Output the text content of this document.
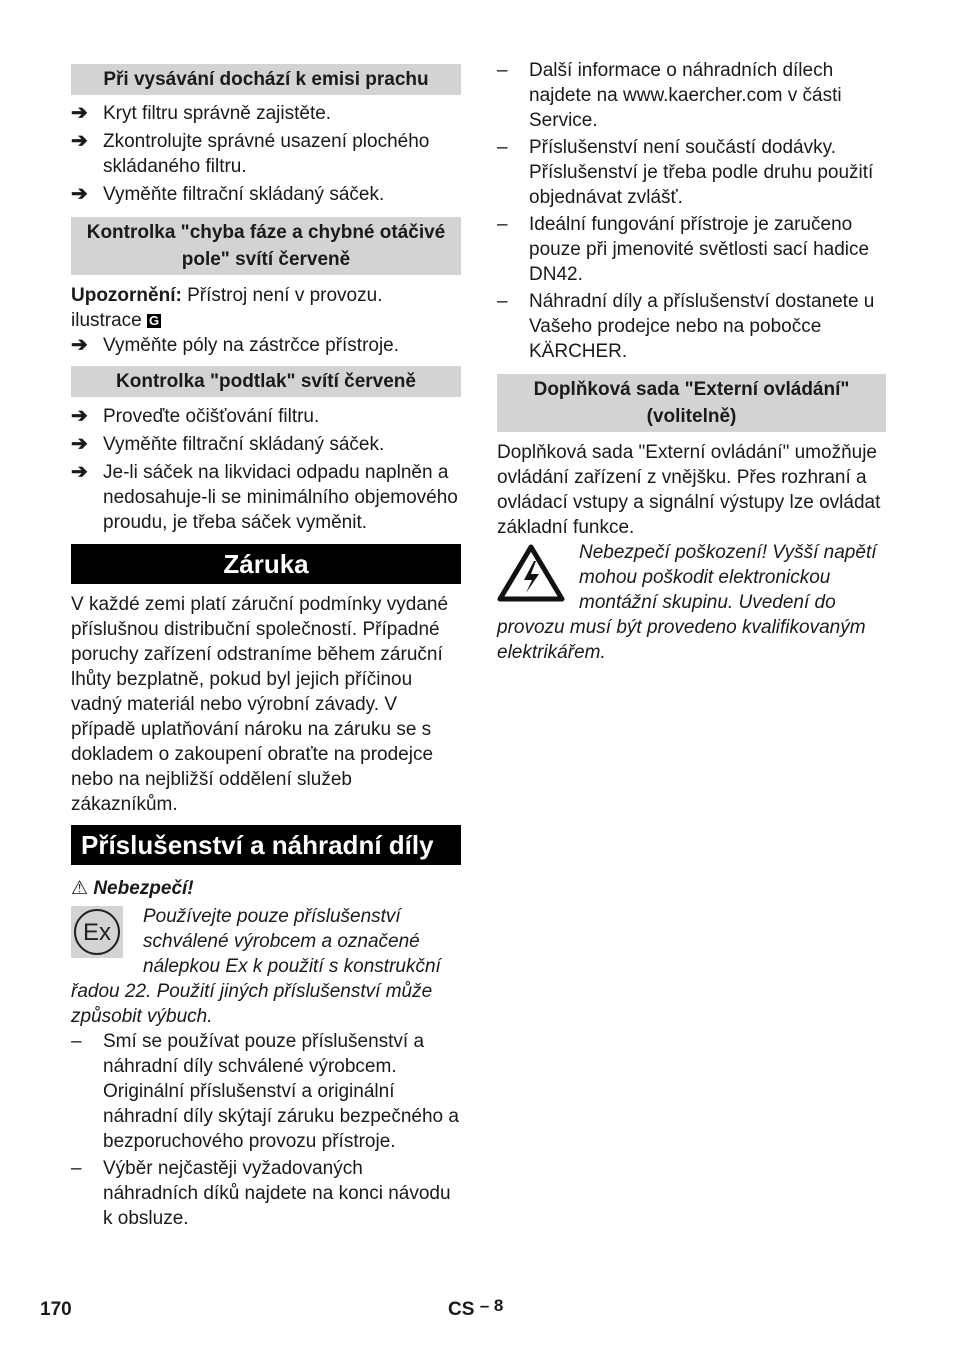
Při vysávání dochází k emisi prachu
➔ Kryt filtru správně zajistěte.
➔ Zkontrolujte správné usazení plochého skládaného filtru.
➔ Vyměňte filtrační skládaný sáček.
Kontrolka "chyba fáze a chybné otáčivé pole" svítí červeně

Upozornění: Přístroj není v provozu.

ilustrace G

➔ Vyměňte póly na zástrčce přístroje.
Kontrolka "podtlak" svítí červeně
➔ Proveďte očišťování filtru.
➔ Vyměňte filtrační skládaný sáček.
➔ Je-li sáček na likvidaci odpadu naplněn a nedosahuje-li se minimálního objemového proudu, je třeba sáček vyměnit.
Záruka

V každé zemi platí záruční podmínky vydané příslušnou distribuční společností. Případné poruchy zařízení odstraníme během záruční lhůty bezplatně, pokud byl jejich příčinou vadný materiál nebo výrobní závady. V případě uplatňování nároku na záruku se s dokladem o zakoupení obraťte na prodejce nebo na nejbližší oddělení služeb zákazníkům.

Příslušenství a náhradní díly

⚠ Nebezpečí!

Ex

Používejte pouze příslušenství schválené výrobcem a označené nálepkou Ex k použití s konstrukční řadou 22. Použití jiných příslušenství může způsobit výbuch.

– Smí se používat pouze příslušenství a náhradní díly schválené výrobcem. Originální příslušenství a originální náhradní díly skýtají záruku bezpečného a bezporuchového provozu přístroje.
– Výběr nejčastěji vyžadovaných náhradních díků najdete na konci návodu k obsluze.
– Další informace o náhradních dílech najdete na www.kaercher.com v části Service.
– Příslušenství není součástí dodávky. Příslušenství je třeba podle druhu použití objednávat zvlášť.
– Ideální fungování přístroje je zaručeno pouze při jmenovité světlosti sací hadice DN42.
– Náhradní díly a příslušenství dostanete u Vašeho prodejce nebo na pobočce KÄRCHER.
Doplňková sada "Externí ovládání" (volitelně)

Doplňková sada "Externí ovládání" umožňuje ovládání zařízení z vnějšku. Přes rozhraní a ovládací vstupy a signální výstupy lze ovládat základní funkce.

Nebezpečí poškození! Vyšší napětí mohou poškodit elektronickou montážní skupinu. Uvedení do provozu musí být provedeno kvalifikovaným elektrikářem.

170	CS – 8
